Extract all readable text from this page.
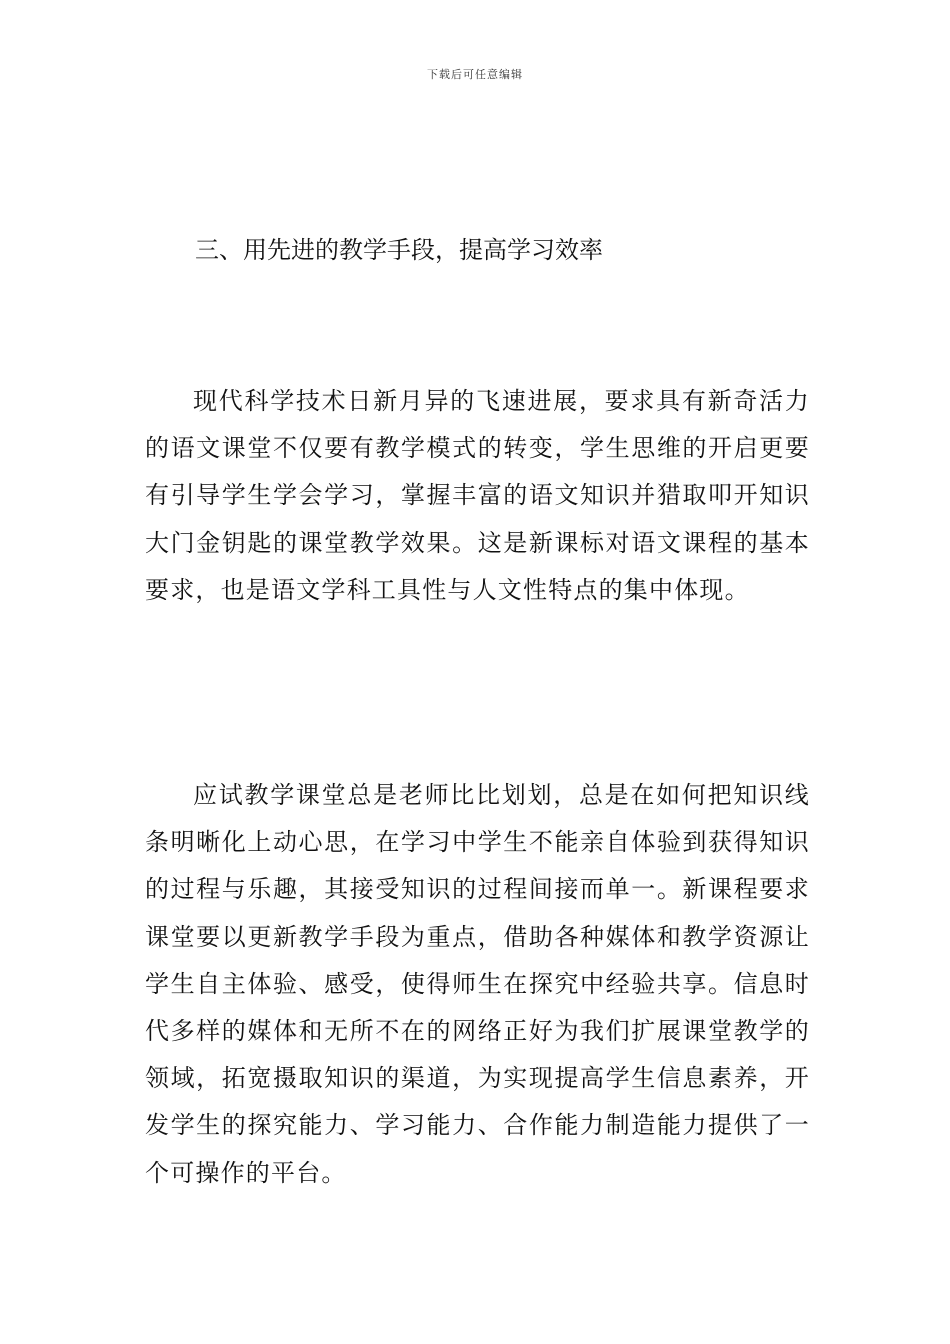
下载后可任意编辑
三、用先进的教学手段，提高学习效率

现代科学技术日新月异的飞速进展，要求具有新奇活力的语文课堂不仅要有教学模式的转变，学生思维的开启更要有引导学生学会学习，掌握丰富的语文知识并猎取叩开知识大门金钥匙的课堂教学效果。这是新课标对语文课程的基本要求，也是语文学科工具性与人文性特点的集中体现。

应试教学课堂总是老师比比划划，总是在如何把知识线条明晰化上动心思，在学习中学生不能亲自体验到获得知识的过程与乐趣，其接受知识的过程间接而单一。新课程要求课堂要以更新教学手段为重点，借助各种媒体和教学资源让学生自主体验、感受，使得师生在探究中经验共享。信息时代多样的媒体和无所不在的网络正好为我们扩展课堂教学的领域，拓宽摄取知识的渠道，为实现提高学生信息素养，开发学生的探究能力、学习能力、合作能力制造能力提供了一个可操作的平台。
